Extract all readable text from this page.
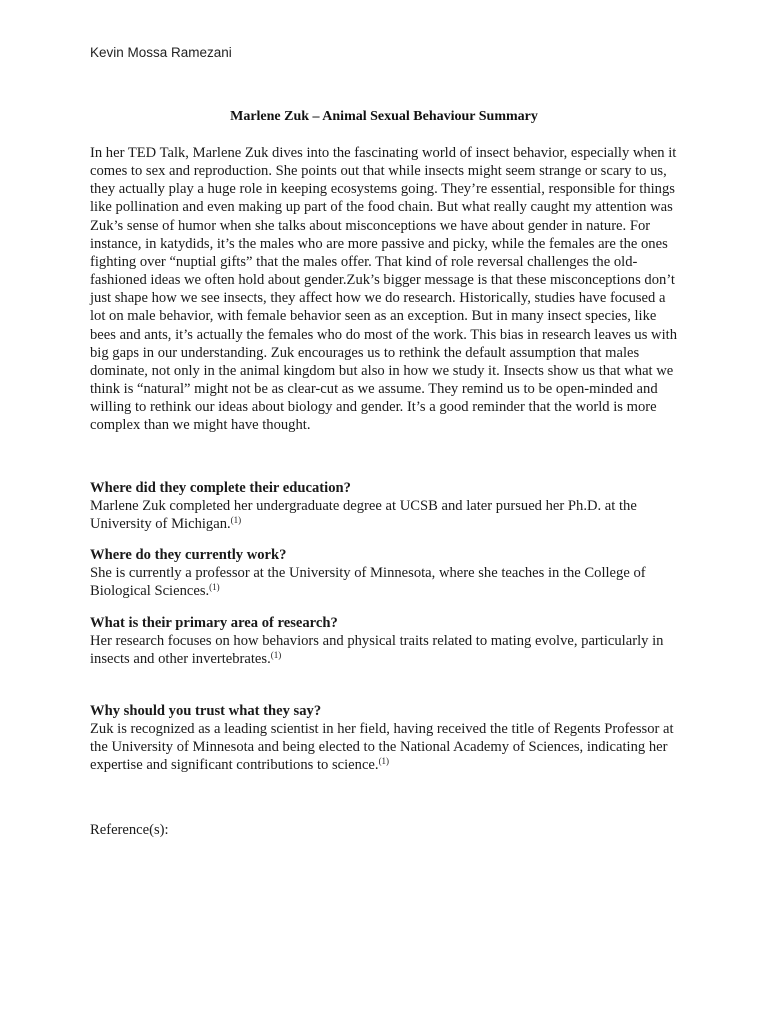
Kevin Mossa Ramezani
Marlene Zuk – Animal Sexual Behaviour Summary

In her TED Talk, Marlene Zuk dives into the fascinating world of insect behavior, especially when it comes to sex and reproduction. She points out that while insects might seem strange or scary to us, they actually play a huge role in keeping ecosystems going. They’re essential, responsible for things like pollination and even making up part of the food chain. But what really caught my attention was Zuk’s sense of humor when she talks about misconceptions we have about gender in nature. For instance, in katydids, it’s the males who are more passive and picky, while the females are the ones fighting over “nuptial gifts” that the males offer. That kind of role reversal challenges the old-fashioned ideas we often hold about gender.Zuk’s bigger message is that these misconceptions don’t just shape how we see insects, they affect how we do research. Historically, studies have focused a lot on male behavior, with female behavior seen as an exception. But in many insect species, like bees and ants, it’s actually the females who do most of the work. This bias in research leaves us with big gaps in our understanding. Zuk encourages us to rethink the default assumption that males dominate, not only in the animal kingdom but also in how we study it. Insects show us that what we think is “natural” might not be as clear-cut as we assume. They remind us to be open-minded and willing to rethink our ideas about biology and gender. It’s a good reminder that the world is more complex than we might have thought.

Where did they complete their education?

Marlene Zuk completed her undergraduate degree at UCSB and later pursued her Ph.D. at the University of Michigan.$^{(1)}$

Where do they currently work?

She is currently a professor at the University of Minnesota, where she teaches in the College of Biological Sciences.$^{(1)}$

What is their primary area of research?

Her research focuses on how behaviors and physical traits related to mating evolve, particularly in insects and other invertebrates.$^{(1)}$

Why should you trust what they say?

Zuk is recognized as a leading scientist in her field, having received the title of Regents Professor at the University of Minnesota and being elected to the National Academy of Sciences, indicating her expertise and significant contributions to science.$^{(1)}$

Reference(s):
